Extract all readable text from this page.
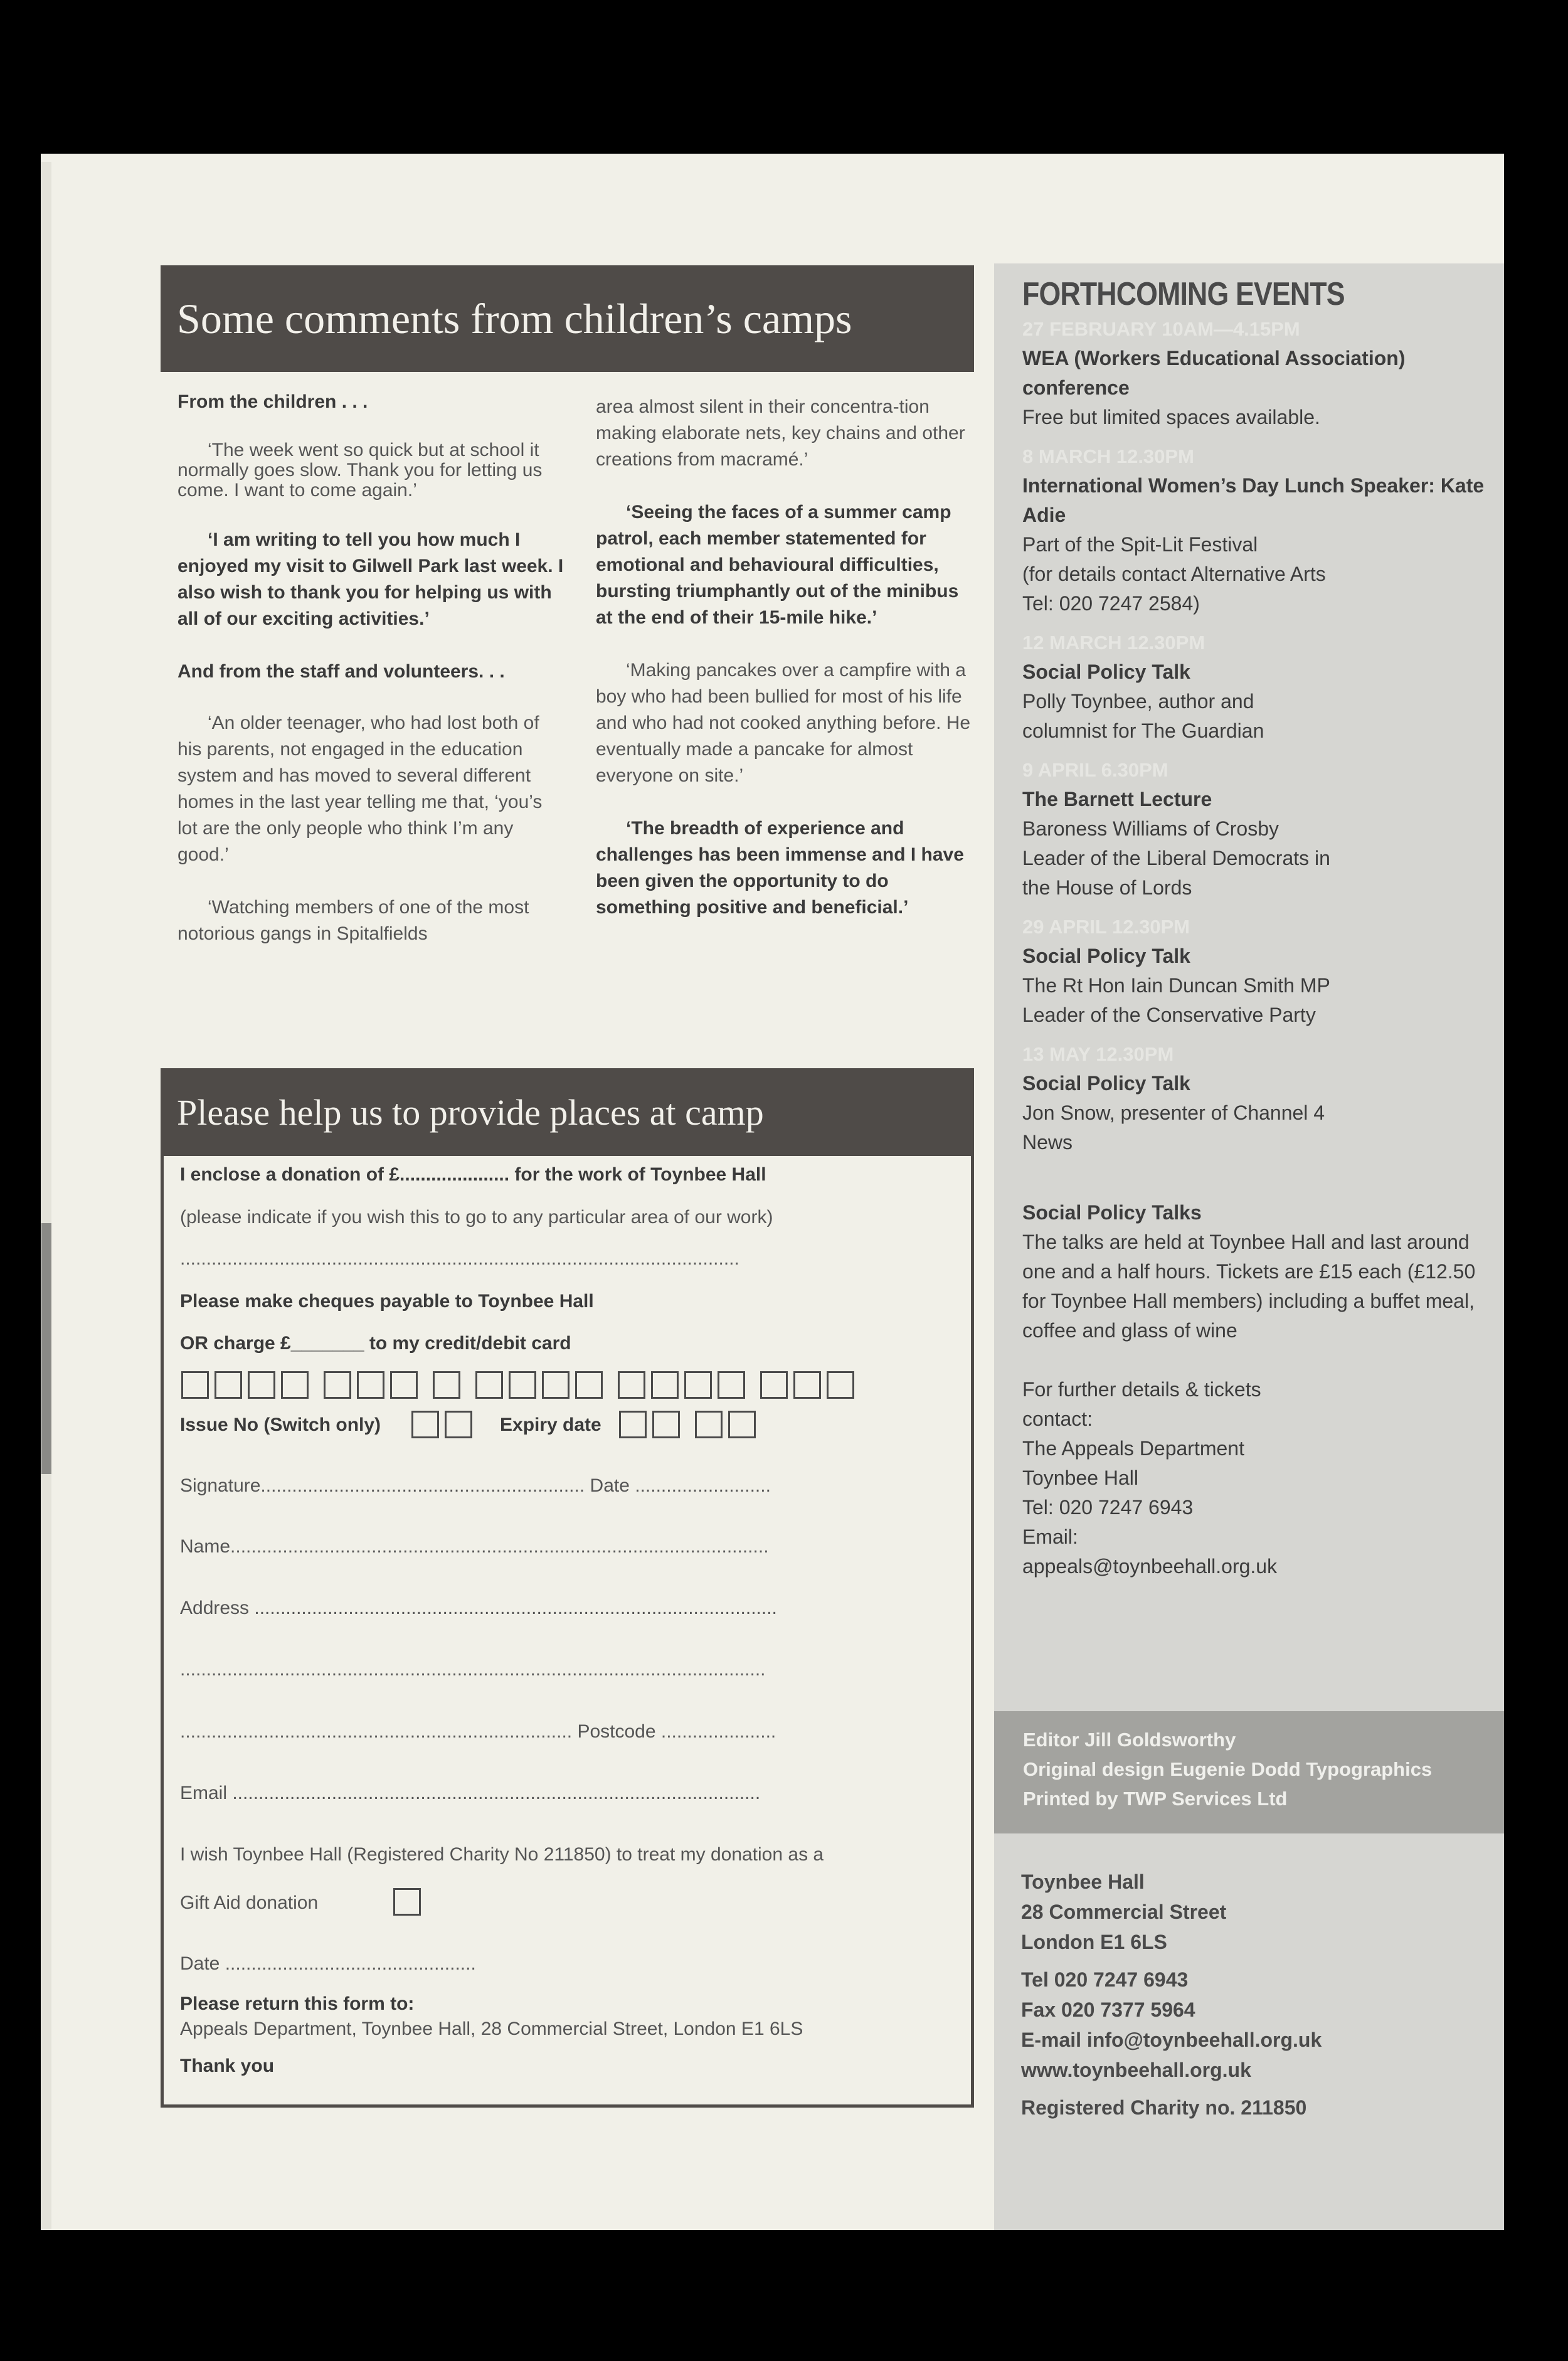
Some comments from children’s camps

From the children . . .

‘The week went so quick but at school it normally goes slow. Thank you for letting us come. I want to come again.’

‘I am writing to tell you how much I enjoyed my visit to Gilwell Park last week. I also wish to thank you for helping us with all of our exciting activities.’

And from the staff and volunteers. . .

‘An older teenager, who had lost both of his parents, not engaged in the education system and has moved to several different homes in the last year telling me that, ‘you’s lot are the only people who think I’m any good.’

‘Watching members of one of the most notorious gangs in Spitalfields

area almost silent in their concentra-tion making elaborate nets, key chains and other creations from macramé.’

‘Seeing the faces of a summer camp patrol, each member statemented for emotional and behavioural difficulties, bursting triumphantly out of the minibus at the end of their 15-mile hike.’

‘Making pancakes over a campfire with a boy who had been bullied for most of his life and who had not cooked anything before. He eventually made a pancake for almost everyone on site.’

‘The breadth of experience and challenges has been immense and I have been given the opportunity to do something positive and beneficial.’

Please help us to provide places at camp
I enclose a donation of £..................... for the work of Toynbee Hall
(please indicate if you wish this to go to any particular area of our work)
...........................................................................................................
Please make cheques payable to Toynbee Hall
OR charge £_______ to my credit/debit card
Issue No (Switch only)	Expiry date
Signature.............................................................. Date ..........................
Name.......................................................................................................
Address ....................................................................................................
................................................................................................................
........................................................................... Postcode ......................
Email .....................................................................................................
I wish Toynbee Hall (Registered Charity No 211850) to treat my donation as a
Gift Aid donation
Date ................................................
Please return this form to:
Appeals Department, Toynbee Hall, 28 Commercial Street, London E1 6LS
Thank you
FORTHCOMING EVENTS
27 FEBRUARY 10AM—4.15PM
WEA (Workers Educational Association) conference
Free but limited spaces available.
8 MARCH 12.30PM
International Women’s Day Lunch Speaker: Kate Adie
Part of the Spit-Lit Festival
(for details contact Alternative Arts
Tel: 020 7247 2584)
12 MARCH 12.30PM
Social Policy Talk
Polly Toynbee, author and
columnist for The Guardian
9 APRIL 6.30PM
The Barnett Lecture
Baroness Williams of Crosby
Leader of the Liberal Democrats in
the House of Lords
29 APRIL 12.30PM
Social Policy Talk
The Rt Hon Iain Duncan Smith MP
Leader of the Conservative Party
13 MAY 12.30PM
Social Policy Talk
Jon Snow, presenter of Channel 4
News
Social Policy Talks
The talks are held at Toynbee Hall and last around one and a half hours. Tickets are £15 each (£12.50 for Toynbee Hall members) including a buffet meal, coffee and glass of wine
For further details & tickets
contact:
The Appeals Department
Toynbee Hall
Tel: 020 7247 6943
Email:
appeals@toynbeehall.org.uk
Editor Jill Goldsworthy
Original design Eugenie Dodd Typographics
Printed by TWP Services Ltd
Toynbee Hall
28 Commercial Street
London E1 6LS
Tel 020 7247 6943
Fax 020 7377 5964
E-mail info@toynbeehall.org.uk
www.toynbeehall.org.uk
Registered Charity no. 211850
